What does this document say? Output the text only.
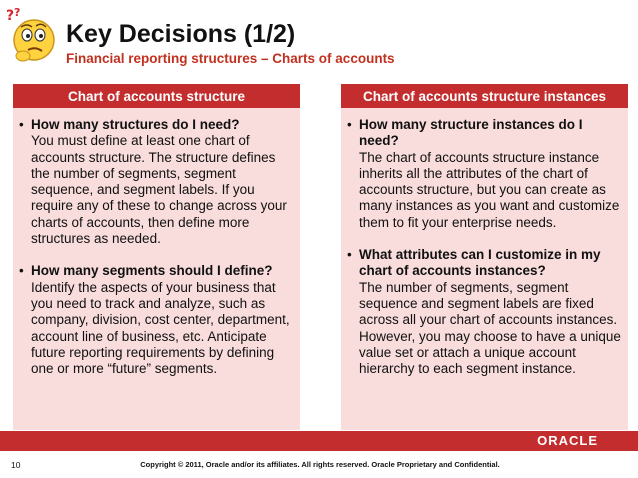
? ?
Key Decisions (1/2)
Financial reporting structures – Charts of accounts
Chart of accounts structure
• How many structures do I need?
You must define at least one chart of accounts structure. The structure defines the number of segments, segment sequence, and segment labels. If you require any of these to change across your charts of accounts, then define more structures as needed.
• How many segments should I define?
Identify the aspects of your business that you need to track and analyze, such as company, division, cost center, department, account line of business, etc. Anticipate future reporting requirements by defining one or more “future” segments.
Chart of accounts structure instances
• How many structure instances do I need?
The chart of accounts structure instance inherits all the attributes of the chart of accounts structure, but you can create as many instances as you want and customize them to fit your enterprise needs.
• What attributes can I customize in my chart of accounts instances?
The number of segments, segment sequence and segment labels are fixed across all your chart of accounts instances. However, you may choose to have a unique value set or attach a unique account hierarchy to each segment instance.
ORACLE
10	Copyright © 2011, Oracle and/or its affiliates. All rights reserved. Oracle Proprietary and Confidential.
